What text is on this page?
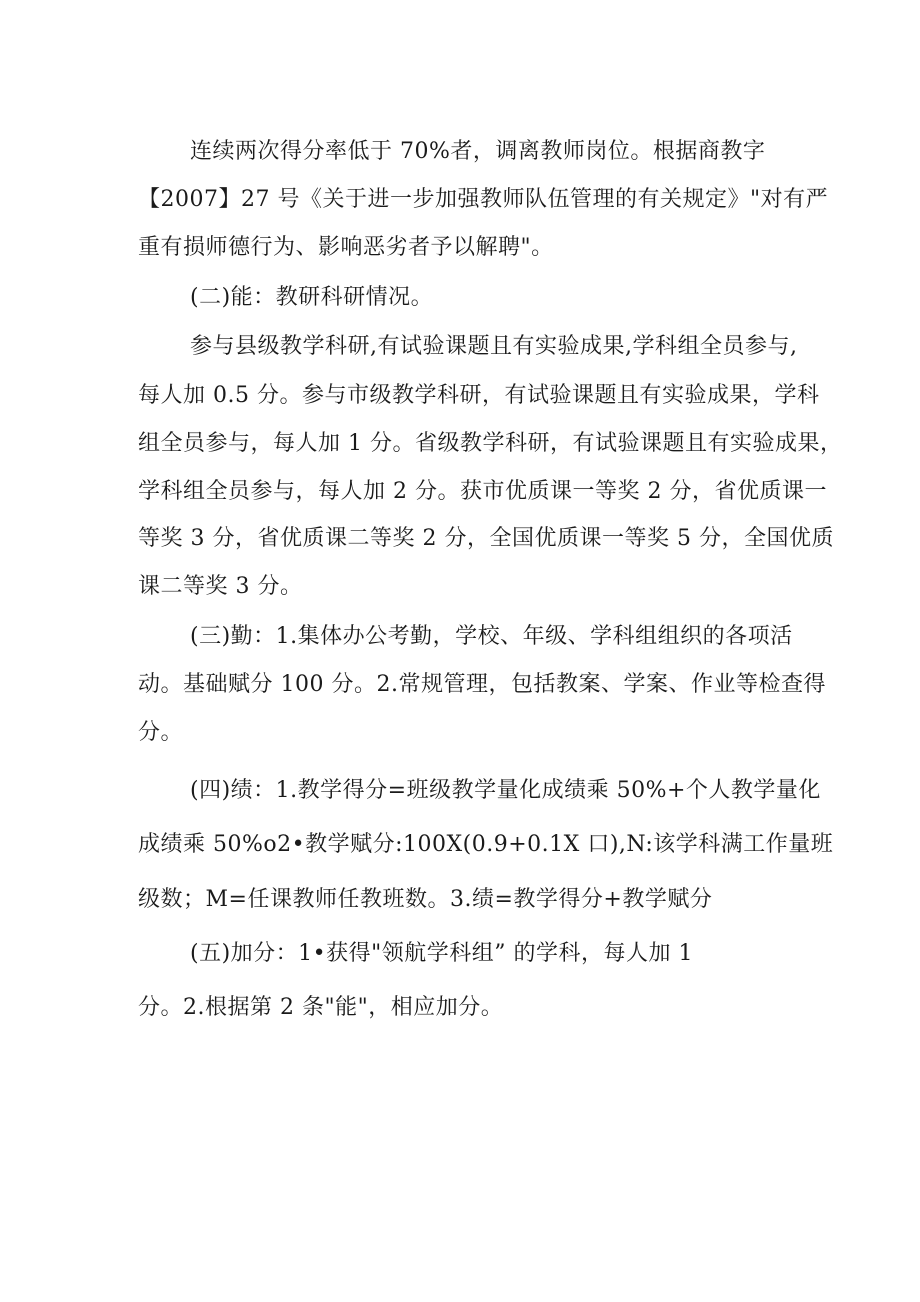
连续两次得分率低于 70%者，调离教师岗位。根据商教字
【2007】27 号《关于进一步加强教师队伍管理的有关规定》"对有严
重有损师德行为、影响恶劣者予以解聘"。
(二)能：教研科研情况。
参与县级教学科研,有试验课题且有实验成果,学科组全员参与,
每人加 0.5 分。参与市级教学科研，有试验课题且有实验成果，学科
组全员参与，每人加 1 分。省级教学科研，有试验课题且有实验成果，
学科组全员参与，每人加 2 分。获市优质课一等奖 2 分，省优质课一
等奖 3 分，省优质课二等奖 2 分，全国优质课一等奖 5 分，全国优质
课二等奖 3 分。
(三)勤：1.集体办公考勤，学校、年级、学科组组织的各项活
动。基础赋分 100 分。2.常规管理，包括教案、学案、作业等检查得
分。
(四)绩：1.教学得分=班级教学量化成绩乘 50%+个人教学量化
成绩乘 50%o2•教学赋分:100X(0.9+0.1X 口),N:该学科满工作量班
级数；M=任课教师任教班数。3.绩=教学得分+教学赋分
(五)加分：1•获得"领航学科组” 的学科，每人加 1
分。2.根据第 2 条"能"，相应加分。
